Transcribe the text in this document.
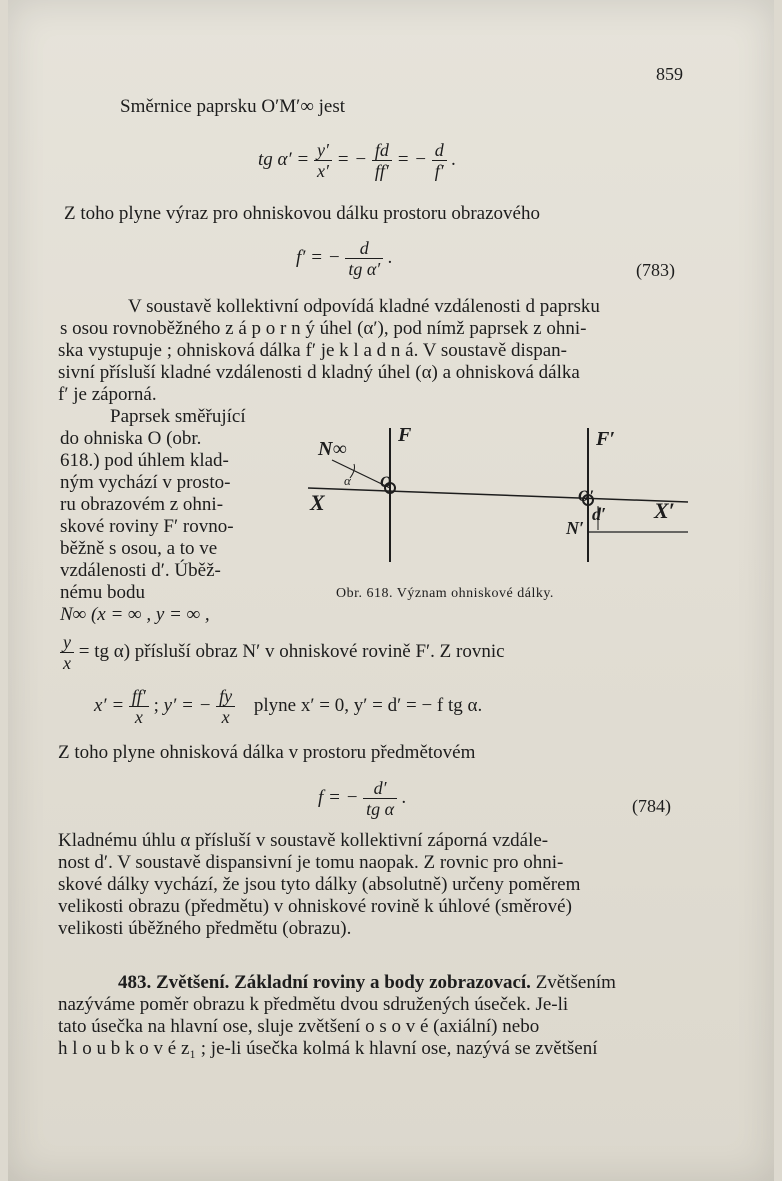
859
Směrnice paprsku O′M′∞ jest
tg $\alpha' = \frac{y'}{x'}$ = − $\frac{fd}{ff'}$ = − $\frac{d}{f'}$ .
Z toho plyne výraz pro ohniskovou dálku prostoru obrazového
f′ = − $\frac{d}{\text{tg α′}}$ .
(783)
V soustavě kollektivní odpovídá kladné vzdálenosti d paprsku
s osou rovnoběžného z á p o r n ý úhel (α′), pod nímž paprsek z ohni-
ska vystupuje ; ohnisková dálka f′ je k l a d n á. V soustavě dispan-
sivní přísluší kladné vzdálenosti d kladný úhel (α) a ohnisková dálka
f′ je záporná.
Paprsek směřující
do ohniska O (obr.
618.) pod úhlem klad-
ným vychází v prosto-
ru obrazovém z ohni-
skové roviny F′ rovno-
běžně s osou, a to ve
vzdálenosti d′. Úběž-
nému bodu
N∞ (x = ∞ , y = ∞ ,
N∞
α
X
F
O
F′
O′
d′
N′
X′
Obr. 618. Význam ohniskové dálky.
$\frac{y}{x}$ = tg α) přísluší obraz N′ v ohniskové rovině F′. Z rovnic
$x' = \frac{ff'}{x}$ ; y′ = − $\frac{fy}{x}$ plyne x′ = 0, y′ = d′ = − f tg α.
Z toho plyne ohnisková dálka v prostoru předmětovém
f = − $\frac{d'}{\text{tg α}}$ .	(784)
Kladnému úhlu α přísluší v soustavě kollektivní záporná vzdále-
nost d′. V soustavě dispansivní je tomu naopak. Z rovnic pro ohni-
skové dálky vychází, že jsou tyto dálky (absolutně) určeny poměrem
velikosti obrazu (předmětu) v ohniskové rovině k úhlové (směrové)
velikosti úběžného předmětu (obrazu).
483. Zvětšení. Základní roviny a body zobrazovací. Zvětšením
nazýváme poměr obrazu k předmětu dvou sdružených úseček. Je-li
tato úsečka na hlavní ose, sluje zvětšení o s o v é (axiální) nebo
h l o u b k o v é z₁ ; je-li úsečka kolmá k hlavní ose, nazývá se zvětšení
